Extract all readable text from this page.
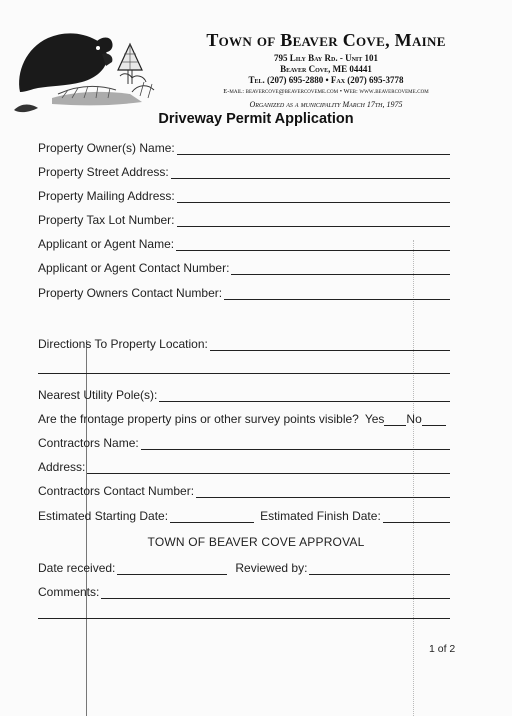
Town of Beaver Cove, Maine
795 Lily Bay Rd. - Unit 101
Beaver Cove, ME 04441
Tel. (207) 695-2880 • Fax (207) 695-3778
E-mail: beavercove@beavercoveme.com • Web: www.beavercoveme.com
Organized as a municipality March 17th, 1975
Driveway Permit Application
Property Owner(s) Name:
Property Street Address:
Property Mailing Address:
Property Tax Lot Number:
Applicant or Agent Name:
Applicant or Agent Contact Number:
Property Owners Contact Number:
Directions To Property Location:
Nearest Utility Pole(s):
Are the frontage property pins or other survey points visible? Yes No
Contractors Name:
Address:
Contractors Contact Number:
Estimated Starting Date:	Estimated Finish Date:
TOWN OF BEAVER COVE APPROVAL
Date received:	Reviewed by:
Comments:
1 of 2
